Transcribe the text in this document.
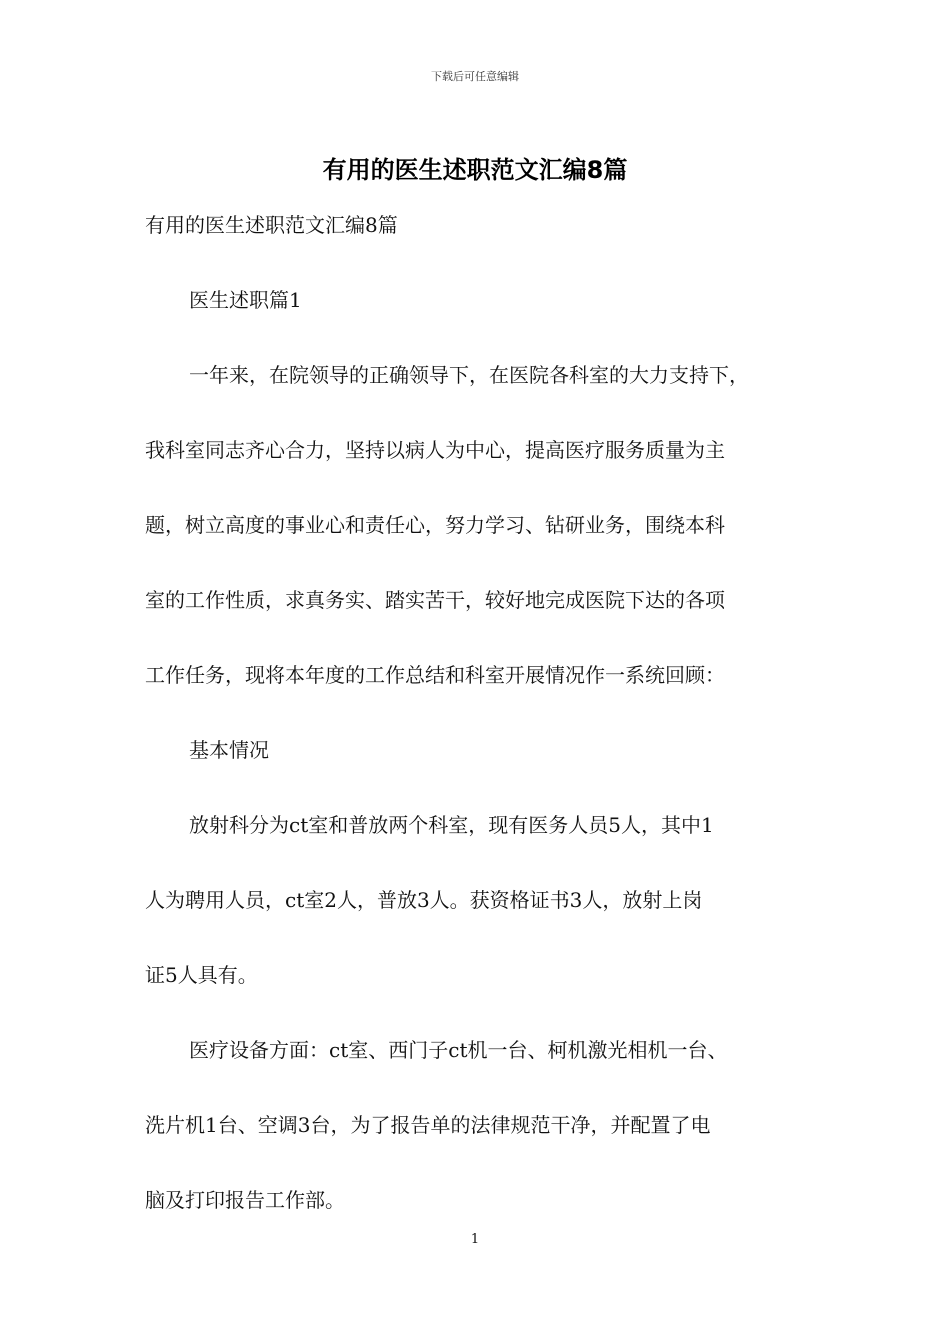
下载后可任意编辑
有用的医生述职范文汇编8篇
有用的医生述职范文汇编8篇
医生述职篇1
一年来，在院领导的正确领导下，在医院各科室的大力支持下，
我科室同志齐心合力，坚持以病人为中心，提高医疗服务质量为主
题，树立高度的事业心和责任心，努力学习、钻研业务，围绕本科
室的工作性质，求真务实、踏实苦干，较好地完成医院下达的各项
工作任务，现将本年度的工作总结和科室开展情况作一系统回顾：
基本情况
放射科分为ct室和普放两个科室，现有医务人员5人，其中1
人为聘用人员，ct室2人，普放3人。获资格证书3人，放射上岗
证5人具有。
医疗设备方面：ct室、西门子ct机一台、柯机激光相机一台、
洗片机1台、空调3台，为了报告单的法律规范干净，并配置了电
脑及打印报告工作部。
1
